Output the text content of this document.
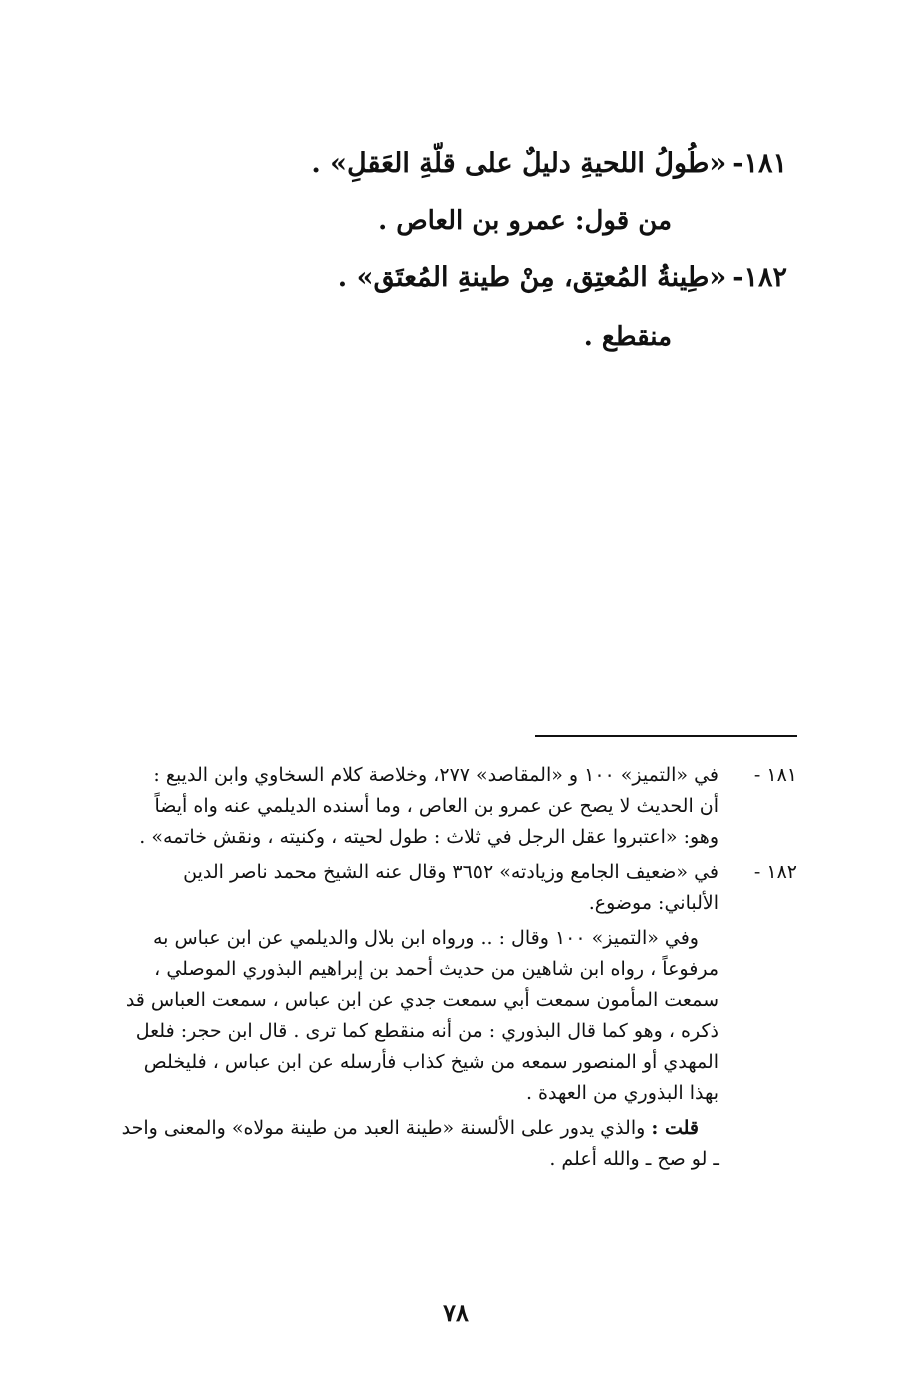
١٨١-
«طُولُ اللحيةِ دليلٌ على قلّةِ العَقلِ» .
من قول: عمرو بن العاص .
١٨٢-
«طِينةُ المُعتِق، مِنْ طينةِ المُعتَق» .
منقطع .
١٨١ -

في «التميز» ١٠٠ و «المقاصد» ٢٧٧، وخلاصة كلام السخاوي وابن الديبع :

أن الحديث لا يصح عن عمرو بن العاص ، وما أسنده الديلمي عنه واه أيضاً

وهو: «اعتبروا عقل الرجل في ثلاث : طول لحيته ، وكنيته ، ونقش خاتمه» .

١٨٢ -

في «ضعيف الجامع وزيادته» ٣٦٥٢ وقال عنه الشيخ محمد ناصر الدين

الألباني: موضوع.

وفي «التميز» ١٠٠ وقال : .. ورواه ابن بلال والديلمي عن ابن عباس به مرفوعاً ، رواه ابن شاهين من حديث أحمد بن إبراهيم البذوري الموصلي ، سمعت المأمون سمعت أبي سمعت جدي عن ابن عباس ، سمعت العباس قد ذكره ، وهو كما قال البذوري : من أنه منقطع كما ترى . قال ابن حجر: فلعل المهدي أو المنصور سمعه من شيخ كذاب فأرسله عن ابن عباس ، فليخلص بهذا البذوري من العهدة .

قلت : والذي يدور على الألسنة «طينة العبد من طينة مولاه» والمعنى واحد ـ لو صح ـ والله أعلم .

٧٨
